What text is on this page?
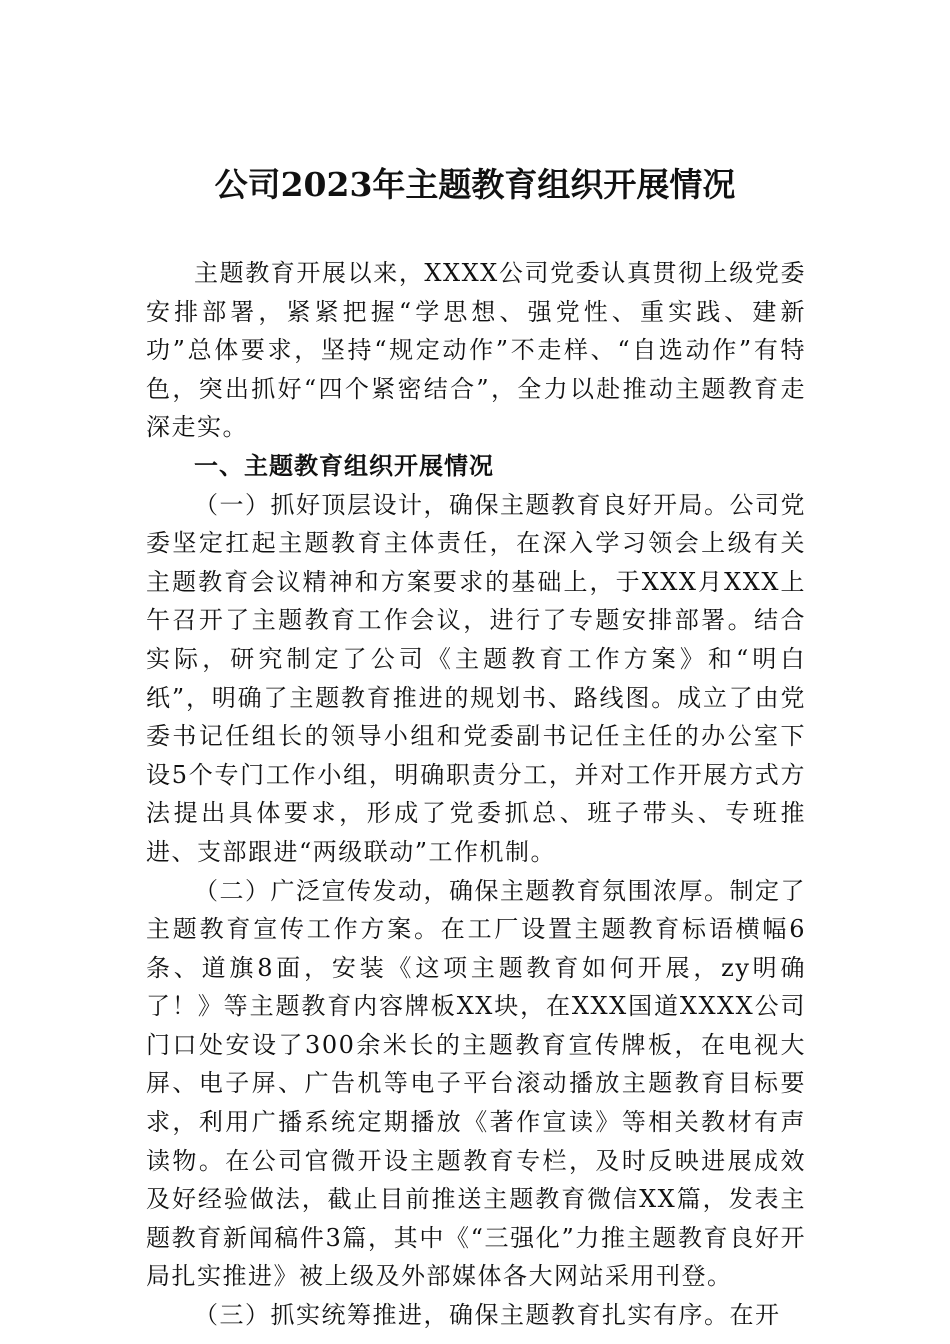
公司2023年主题教育组织开展情况

主题教育开展以来，XXXX公司党委认真贯彻上级党委安排部署，紧紧把握“学思想、强党性、重实践、建新功”总体要求，坚持“规定动作”不走样、“自选动作”有特色，突出抓好“四个紧密结合”，全力以赴推动主题教育走深走实。

一、主题教育组织开展情况

（一）抓好顶层设计，确保主题教育良好开局。公司党委坚定扛起主题教育主体责任，在深入学习领会上级有关主题教育会议精神和方案要求的基础上，于XXX月XXX上午召开了主题教育工作会议，进行了专题安排部署。结合实际，研究制定了公司《主题教育工作方案》和“明白纸”，明确了主题教育推进的规划书、路线图。成立了由党委书记任组长的领导小组和党委副书记任主任的办公室下设5个专门工作小组，明确职责分工，并对工作开展方式方法提出具体要求，形成了党委抓总、班子带头、专班推进、支部跟进“两级联动”工作机制。

（二）广泛宣传发动，确保主题教育氛围浓厚。制定了主题教育宣传工作方案。在工厂设置主题教育标语横幅6条、道旗8面，安装《这项主题教育如何开展，zy明确了！》等主题教育内容牌板XX块，在XXX国道XXXX公司门口处安设了300余米长的主题教育宣传牌板，在电视大屏、电子屏、广告机等电子平台滚动播放主题教育目标要求，利用广播系统定期播放《著作宣读》等相关教材有声读物。在公司官微开设主题教育专栏，及时反映进展成效及好经验做法，截止目前推送主题教育微信XX篇，发表主题教育新闻稿件3篇，其中《“三强化”力推主题教育良好开局扎实推进》被上级及外部媒体各大网站采用刊登。

（三）抓实统筹推进，确保主题教育扎实有序。在开
